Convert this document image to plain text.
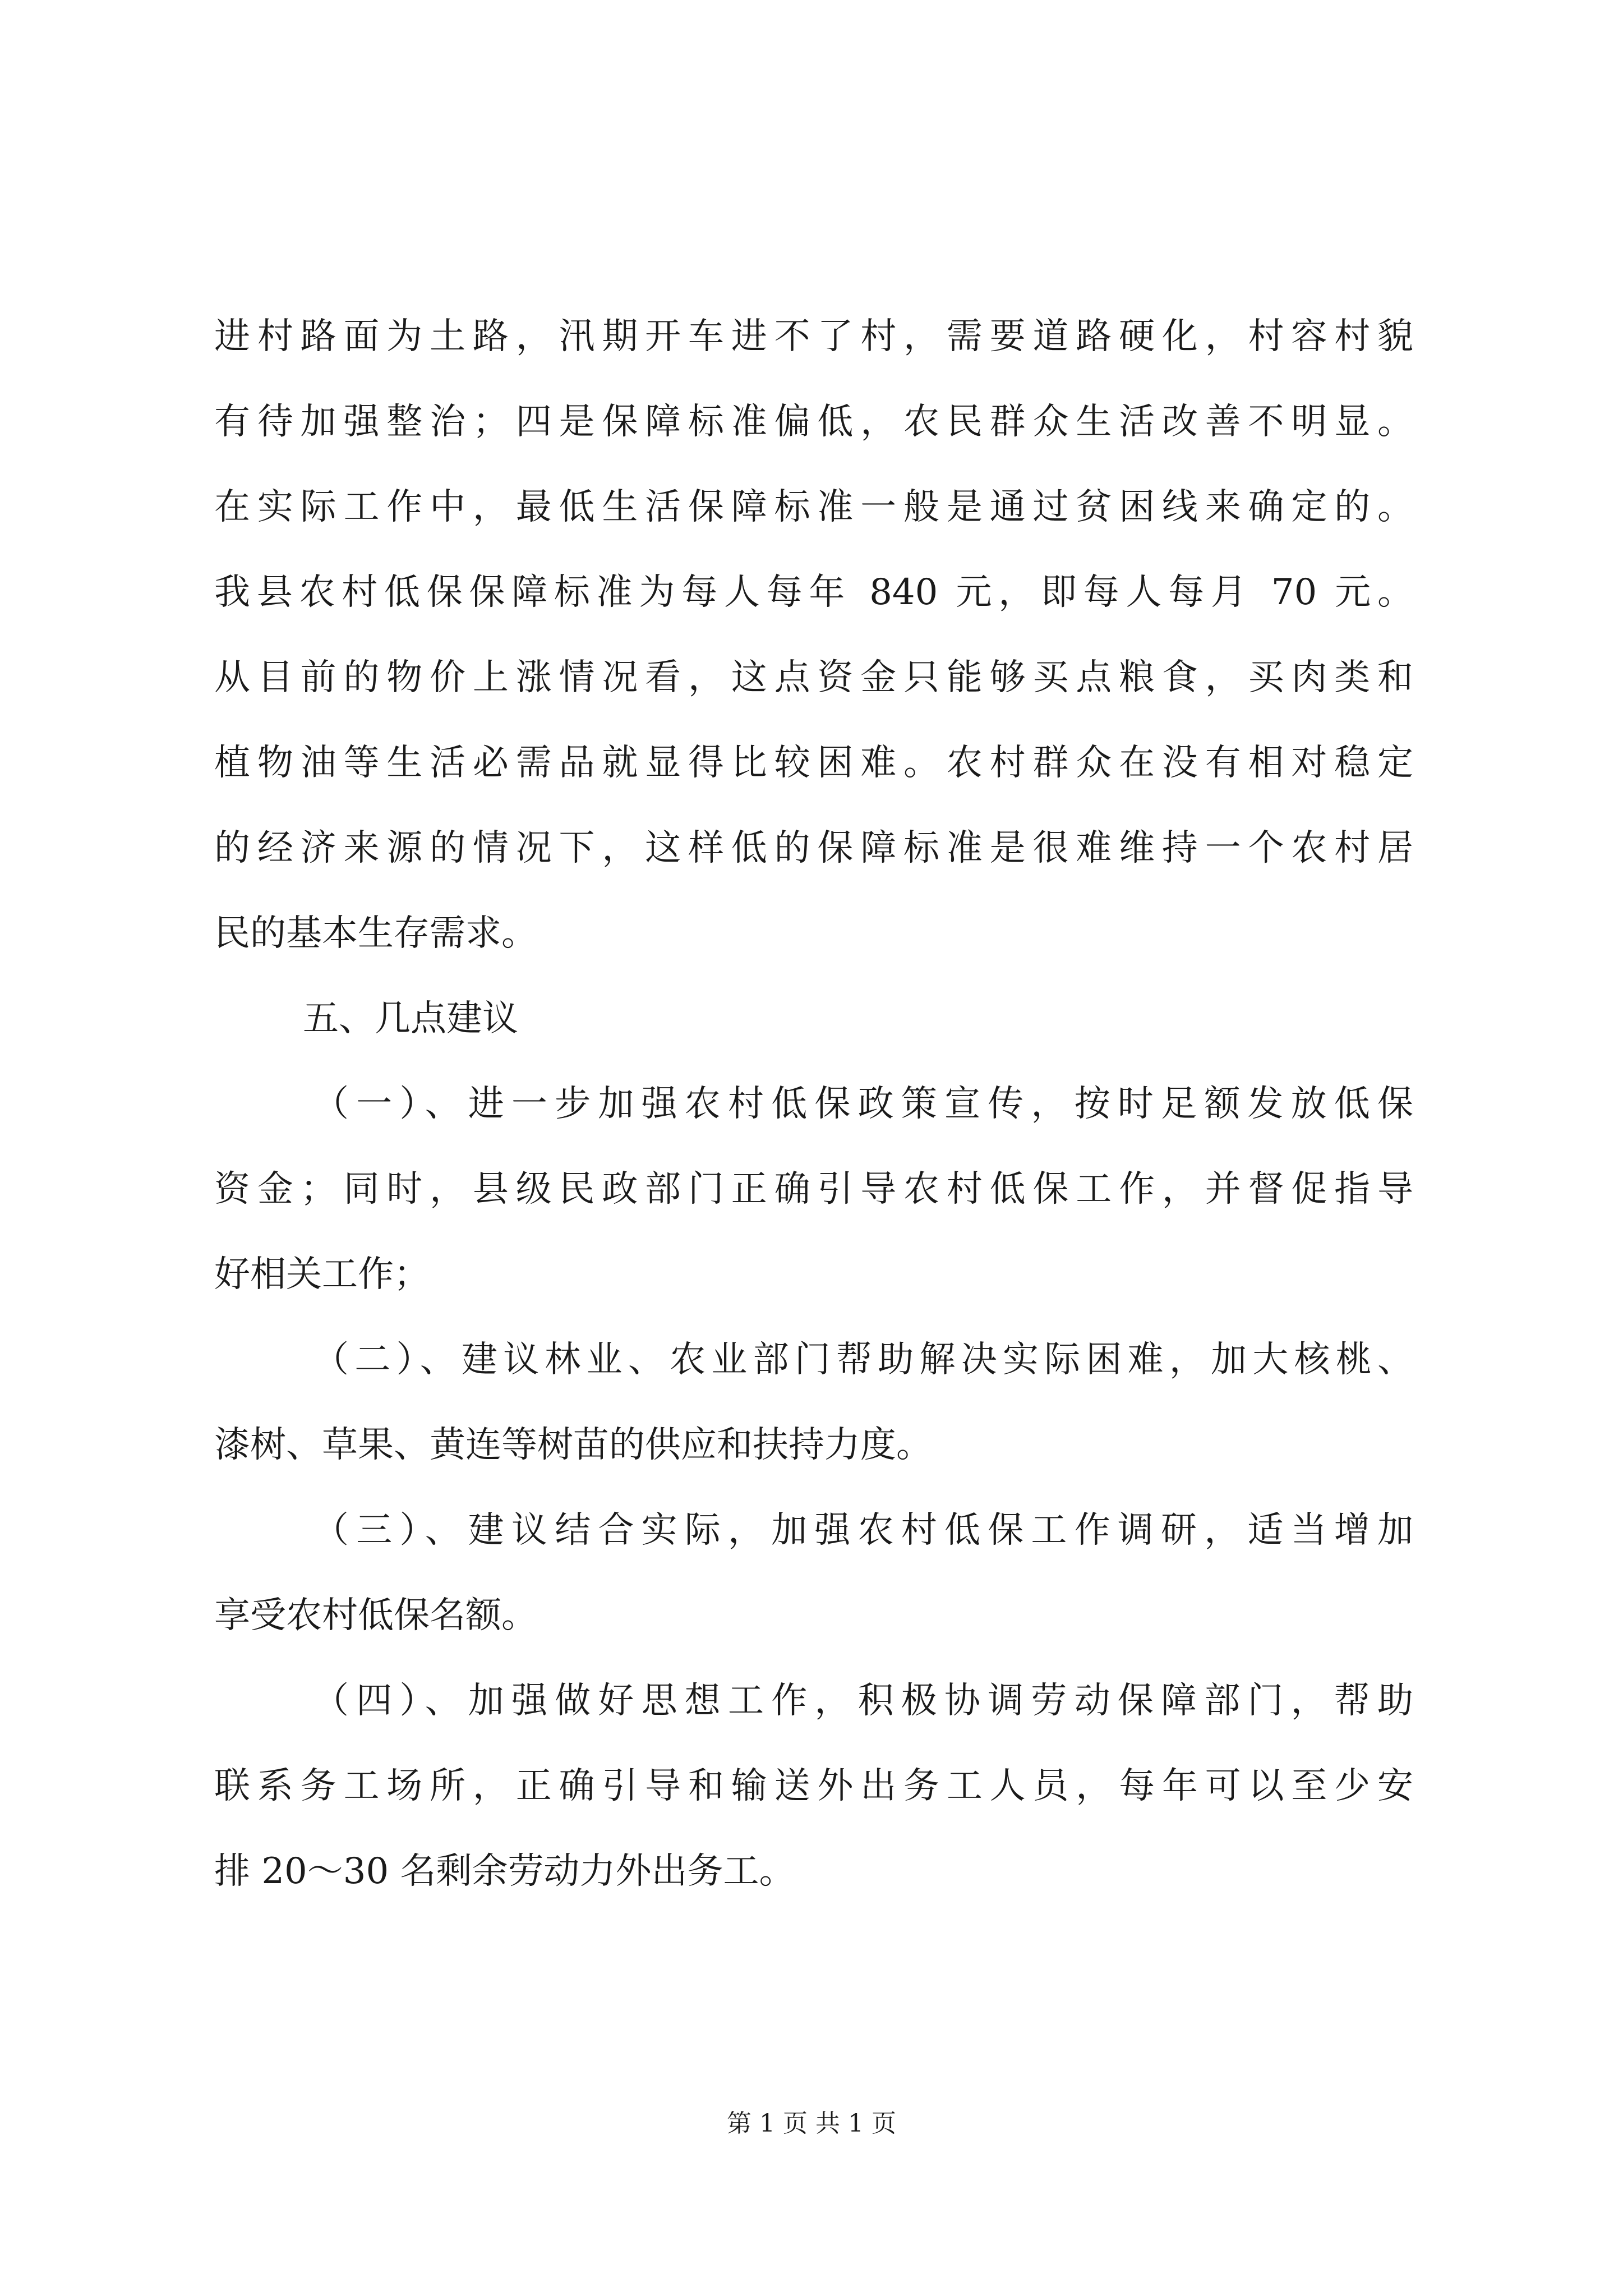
进村路面为土路，汛期开车进不了村，需要道路硬化，村容村貌
有待加强整治；四是保障标准偏低，农民群众生活改善不明显。
在实际工作中，最低生活保障标准一般是通过贫困线来确定的。
我县农村低保保障标准为每人每年 840 元，即每人每月 70 元。
从目前的物价上涨情况看，这点资金只能够买点粮食，买肉类和
植物油等生活必需品就显得比较困难。农村群众在没有相对稳定
的经济来源的情况下，这样低的保障标准是很难维持一个农村居
民的基本生存需求。
五、几点建议
（一）、进一步加强农村低保政策宣传，按时足额发放低保
资金；同时，县级民政部门正确引导农村低保工作，并督促指导
好相关工作；
（二）、建议林业、农业部门帮助解决实际困难，加大核桃、
漆树、草果、黄连等树苗的供应和扶持力度。
（三）、建议结合实际，加强农村低保工作调研，适当增加
享受农村低保名额。
（四）、加强做好思想工作，积极协调劳动保障部门，帮助
联系务工场所，正确引导和输送外出务工人员，每年可以至少安
排 20～30 名剩余劳动力外出务工。
第 1 页 共 1 页
